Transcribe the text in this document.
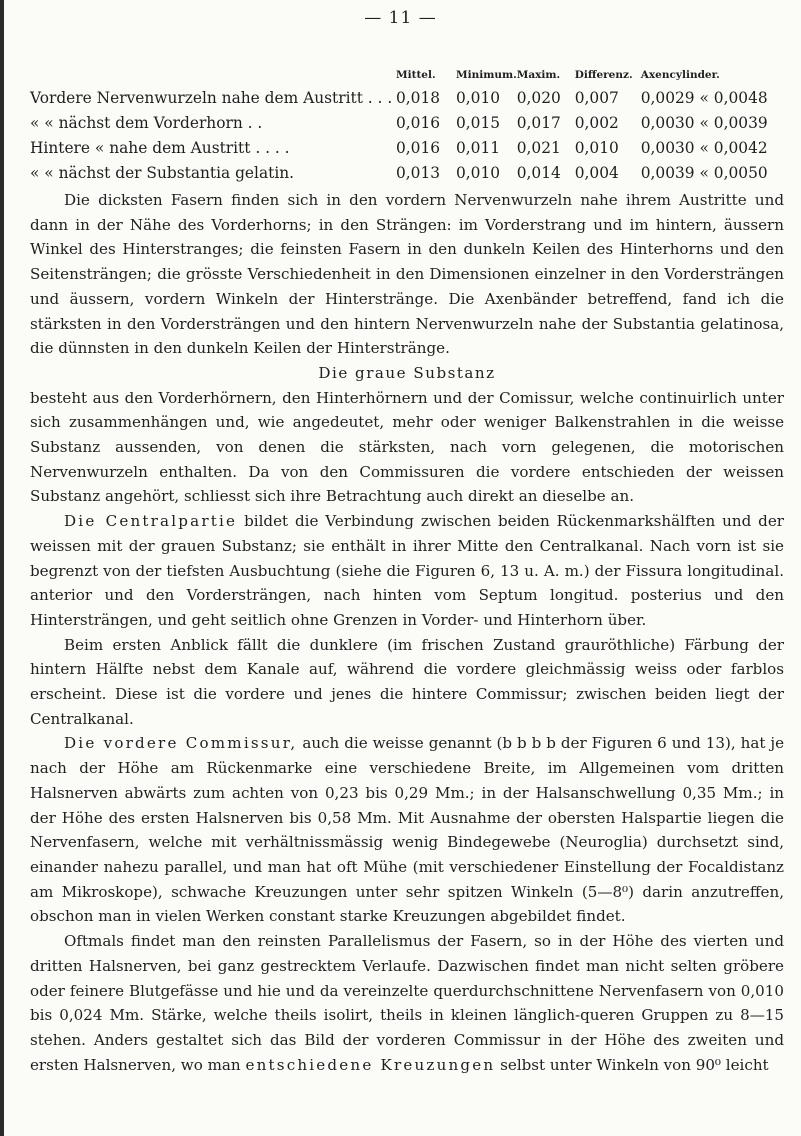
— 11 —
	Mittel.	Minimum.	Maxim.	Differenz.	Axencylinder.
Vordere Nervenwurzeln nahe dem Austritt . . .	0,018	0,010	0,020	0,007	0,0029 « 0,0048
« « nächst dem Vorderhorn . .	0,016	0,015	0,017	0,002	0,0030 « 0,0039
Hintere « nahe dem Austritt . . . .	0,016	0,011	0,021	0,010	0,0030 « 0,0042
« « nächst der Substantia gelatin.	0,013	0,010	0,014	0,004	0,0039 « 0,0050

Die dicksten Fasern finden sich in den vordern Nervenwurzeln nahe ihrem Austritte und dann in der Nähe des Vorderhorns; in den Strängen: im Vorderstrang und im hintern, äussern Winkel des Hinterstranges; die feinsten Fasern in den dunkeln Keilen des Hinterhorns und den Seitensträngen; die grösste Verschiedenheit in den Dimensionen einzelner in den Vordersträngen und äussern, vordern Winkeln der Hinterstränge. Die Axenbänder betreffend, fand ich die stärksten in den Vordersträngen und den hintern Nervenwurzeln nahe der Substantia gelatinosa, die dünnsten in den dunkeln Keilen der Hinterstränge.

Die graue Substanz

besteht aus den Vorderhörnern, den Hinterhörnern und der Comissur, welche continuirlich unter sich zusammenhängen und, wie angedeutet, mehr oder weniger Balkenstrahlen in die weisse Substanz aussenden, von denen die stärksten, nach vorn gelegenen, die motorischen Nervenwurzeln enthalten. Da von den Commissuren die vordere entschieden der weissen Substanz angehört, schliesst sich ihre Betrachtung auch direkt an dieselbe an.

Die Centralpartie bildet die Verbindung zwischen beiden Rückenmarkshälften und der weissen mit der grauen Substanz; sie enthält in ihrer Mitte den Centralkanal. Nach vorn ist sie begrenzt von der tiefsten Ausbuchtung (siehe die Figuren 6, 13 u. A. m.) der Fissura longitudinal. anterior und den Vordersträngen, nach hinten vom Septum longitud. posterius und den Hintersträngen, und geht seitlich ohne Grenzen in Vorder- und Hinterhorn über.

Beim ersten Anblick fällt die dunklere (im frischen Zustand grauröthliche) Färbung der hintern Hälfte nebst dem Kanale auf, während die vordere gleichmässig weiss oder farblos erscheint. Diese ist die vordere und jenes die hintere Commissur; zwischen beiden liegt der Centralkanal.

Die vordere Commissur, auch die weisse genannt (b b b b der Figuren 6 und 13), hat je nach der Höhe am Rückenmarke eine verschiedene Breite, im Allgemeinen vom dritten Halsnerven abwärts zum achten von 0,23 bis 0,29 Mm.; in der Halsanschwellung 0,35 Mm.; in der Höhe des ersten Halsnerven bis 0,58 Mm. Mit Ausnahme der obersten Halspartie liegen die Nervenfasern, welche mit verhältnissmässig wenig Bindegewebe (Neuroglia) durchsetzt sind, einander nahezu parallel, und man hat oft Mühe (mit verschiedener Einstellung der Focaldistanz am Mikroskope), schwache Kreuzungen unter sehr spitzen Winkeln (5—8⁰) darin anzutreffen, obschon man in vielen Werken constant starke Kreuzungen abgebildet findet.

Oftmals findet man den reinsten Parallelismus der Fasern, so in der Höhe des vierten und dritten Halsnerven, bei ganz gestrecktem Verlaufe. Dazwischen findet man nicht selten gröbere oder feinere Blutgefässe und hie und da vereinzelte querdurchschnittene Nervenfasern von 0,010 bis 0,024 Mm. Stärke, welche theils isolirt, theils in kleinen länglich-queren Gruppen zu 8—15 stehen. Anders gestaltet sich das Bild der vorderen Commissur in der Höhe des zweiten und ersten Halsnerven, wo man entschiedene Kreuzungen selbst unter Winkeln von 90⁰ leicht
